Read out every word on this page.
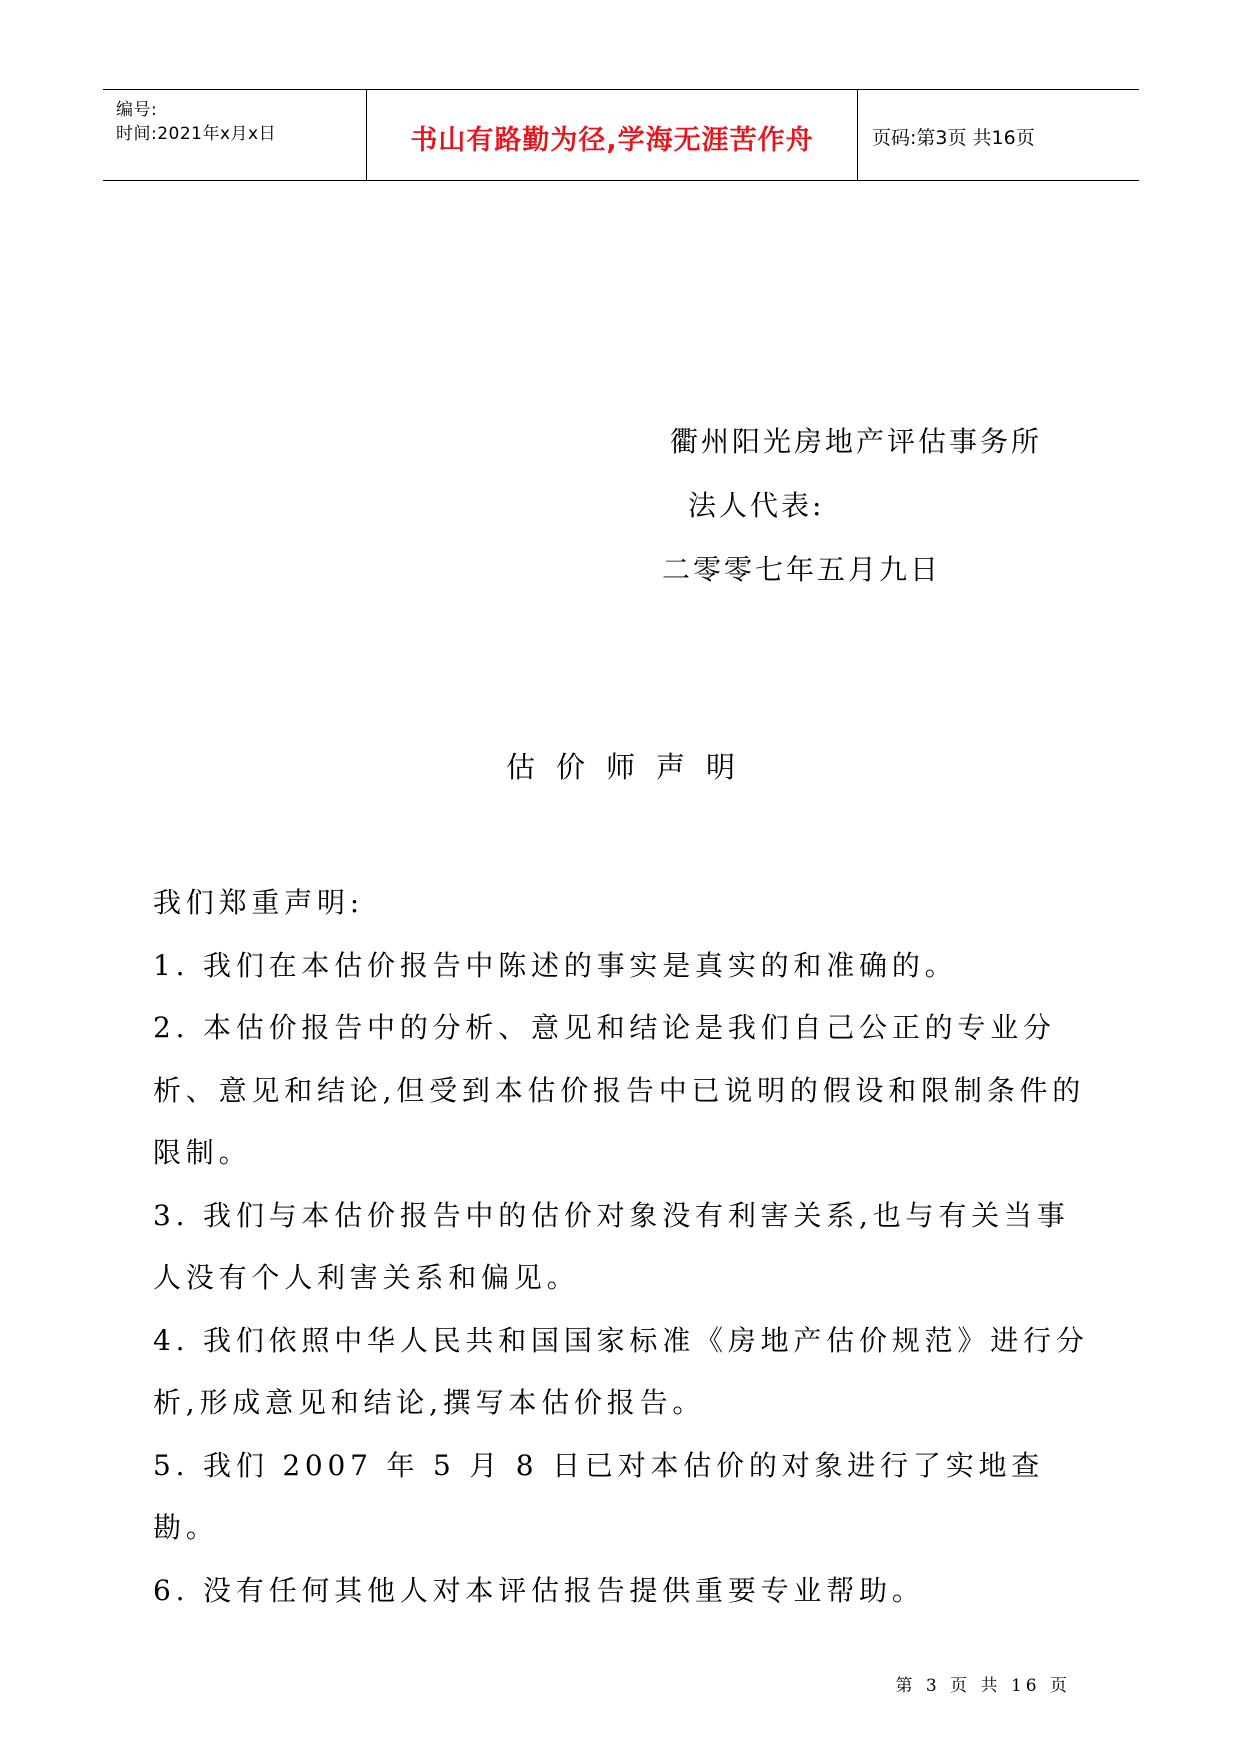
编号:
时间:2021年x月x日	书山有路勤为径,学海无涯苦作舟	页码:第3页 共16页
衢州阳光房地产评估事务所
法人代表:
二零零七年五月九日
估价师声明

我们郑重声明:

1. 我们在本估价报告中陈述的事实是真实的和准确的。

2. 本估价报告中的分析、意见和结论是我们自己公正的专业分析、意见和结论,但受到本估价报告中已说明的假设和限制条件的限制。

3. 我们与本估价报告中的估价对象没有利害关系,也与有关当事人没有个人利害关系和偏见。

4. 我们依照中华人民共和国国家标准《房地产估价规范》进行分析,形成意见和结论,撰写本估价报告。

5. 我们 2007 年 5 月 8 日已对本估价的对象进行了实地查勘。

6. 没有任何其他人对本评估报告提供重要专业帮助。

第 3 页 共 16 页
